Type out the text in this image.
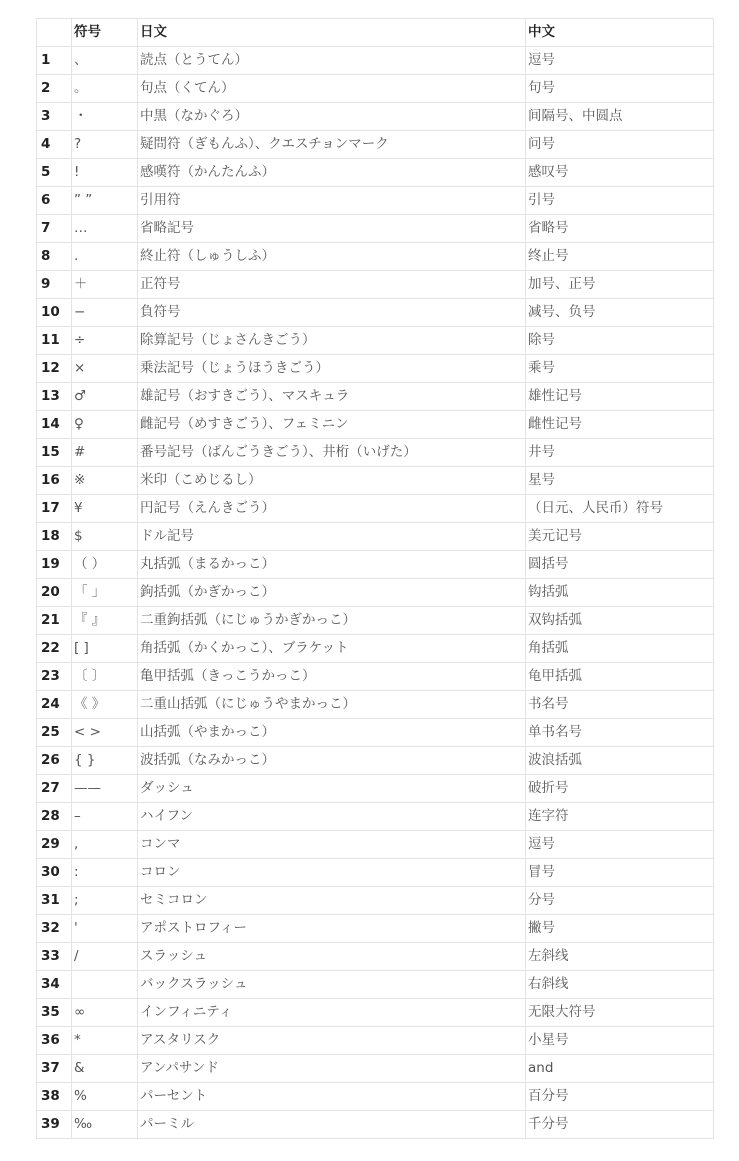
	符号	日文	中文
1	、	読点（とうてん）	逗号
2	。	句点（くてん）	句号
3	・	中黒（なかぐろ）	间隔号、中圆点
4	?	疑問符（ぎもんふ）、クエスチョンマーク	问号
5	!	感嘆符（かんたんふ）	感叹号
6	” ”	引用符	引号
7	…	省略記号	省略号
8	.	終止符（しゅうしふ）	终止号
9	＋	正符号	加号、正号
10	−	負符号	减号、负号
11	÷	除算記号（じょさんきごう）	除号
12	×	乗法記号（じょうほうきごう）	乘号
13	♂	雄記号（おすきごう）、マスキュラ	雄性记号
14	♀	雌記号（めすきごう）、フェミニン	雌性记号
15	#	番号記号（ばんごうきごう）、井桁（いげた）	井号
16	※	米印（こめじるし）	星号
17	¥	円記号（えんきごう）	（日元、人民币）符号
18	$	ドル記号	美元记号
19	（ ）	丸括弧（まるかっこ）	圆括号
20	「 」	鉤括弧（かぎかっこ）	钩括弧
21	『 』	二重鉤括弧（にじゅうかぎかっこ）	双钩括弧
22	[ ]	角括弧（かくかっこ）、ブラケット	角括弧
23	〔 〕	亀甲括弧（きっこうかっこ）	龟甲括弧
24	《 》	二重山括弧（にじゅうやまかっこ）	书名号
25	< >	山括弧（やまかっこ）	单书名号
26	{ }	波括弧（なみかっこ）	波浪括弧
27	——	ダッシュ	破折号
28	–	ハイフン	连字符
29	,	コンマ	逗号
30	:	コロン	冒号
31	;	セミコロン	分号
32	'	アポストロフィー	撇号
33	/	スラッシュ	左斜线
34		バックスラッシュ	右斜线
35	∞	インフィニティ	无限大符号
36	*	アスタリスク	小星号
37	&	アンパサンド	and
38	%	パーセント	百分号
39	‰	パーミル	千分号
